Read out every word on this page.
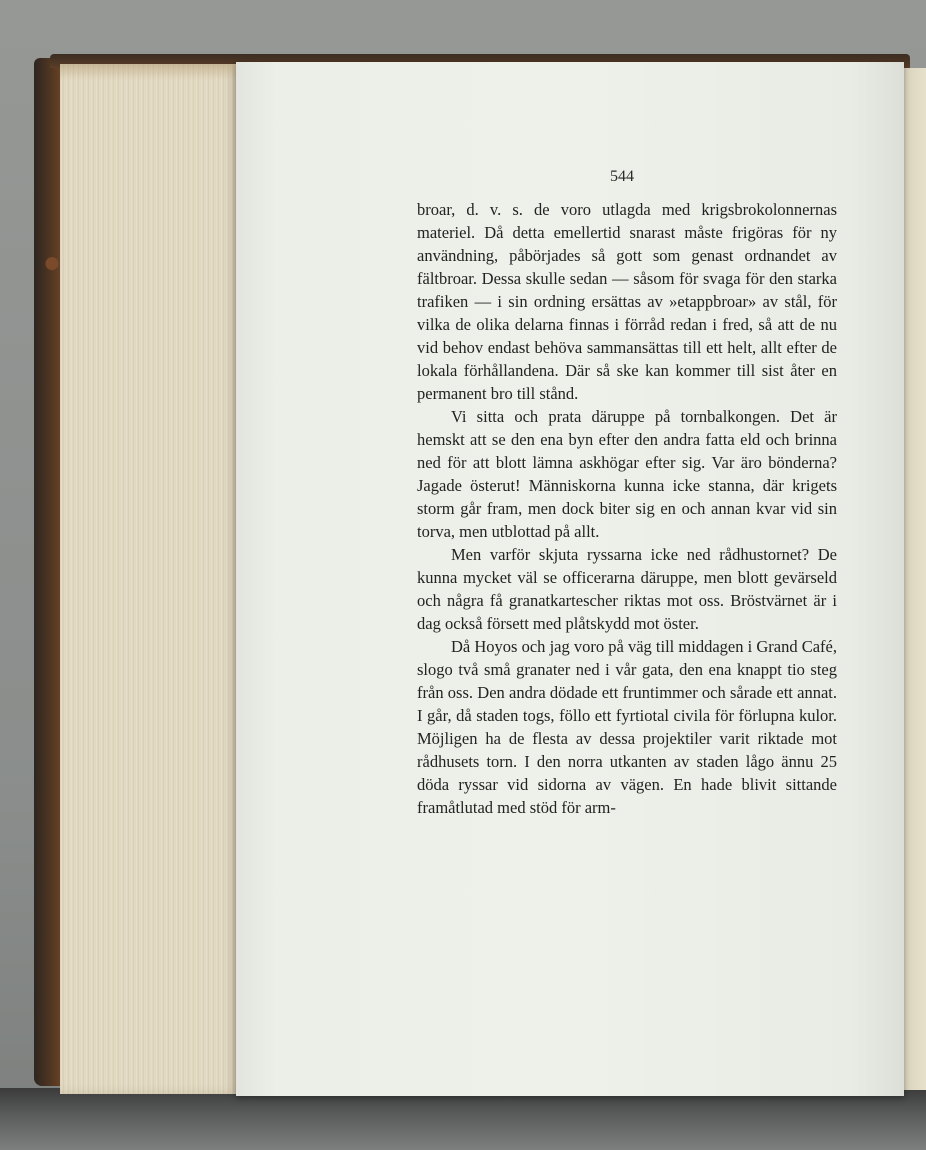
544

broar, d. v. s. de voro utlagda med krigsbrokolonnernas materiel. Då detta emellertid snarast måste frigöras för ny användning, påbörjades så gott som genast ordnandet av fältbroar. Dessa skulle sedan — såsom för svaga för den starka trafiken — i sin ordning ersättas av »etappbroar» av stål, för vilka de olika delarna finnas i förråd redan i fred, så att de nu vid behov endast behöva sammansättas till ett helt, allt efter de lokala förhållandena. Där så ske kan kommer till sist åter en permanent bro till stånd.

Vi sitta och prata däruppe på tornbalkongen. Det är hemskt att se den ena byn efter den andra fatta eld och brinna ned för att blott lämna askhögar efter sig. Var äro bönderna? Jagade österut! Människorna kunna icke stanna, där krigets storm går fram, men dock biter sig en och annan kvar vid sin torva, men utblottad på allt.

Men varför skjuta ryssarna icke ned rådhustornet? De kunna mycket väl se officerarna däruppe, men blott gevärseld och några få granatkartescher riktas mot oss. Bröstvärnet är i dag också försett med plåtskydd mot öster.

Då Hoyos och jag voro på väg till middagen i Grand Café, slogo två små granater ned i vår gata, den ena knappt tio steg från oss. Den andra dödade ett fruntimmer och sårade ett annat. I går, då staden togs, föllo ett fyrtiotal civila för förlupna kulor. Möjligen ha de flesta av dessa projektiler varit riktade mot rådhusets torn. I den norra utkanten av staden lågo ännu 25 döda ryssar vid sidorna av vägen. En hade blivit sittande framåtlutad med stöd för arm-
